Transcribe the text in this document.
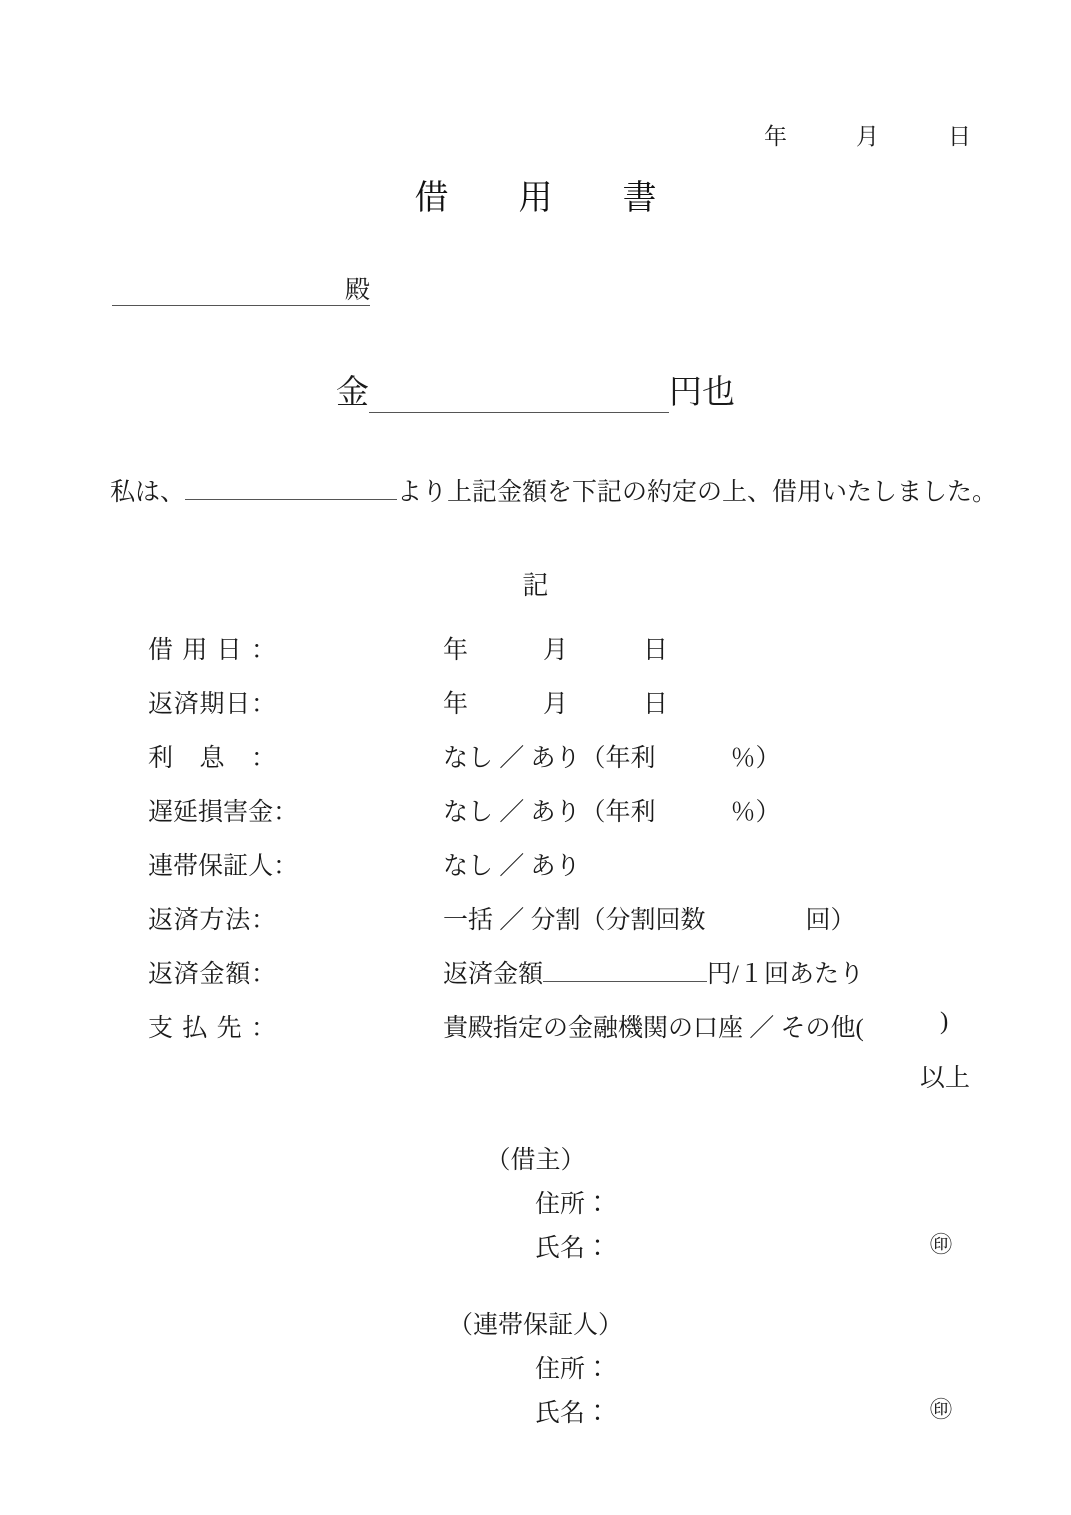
年　　　月　　　日
借　用　書
殿
金	円也
私は、	より上記金額を下記の約定の上、借用いたしました。
記
借 用 日 ：	年　　　月　　　日
返 済 期 日 ：	年　　　月　　　日
利 息 ：	なし ／ あり（年利　　　％）
遅 延 損 害 金 ：	なし ／ あり（年利　　　％）
連 帯 保 証 人 ：	なし ／ あり
返 済 方 法 ：	一括 ／ 分割（分割回数　　　　回）
返 済 金 額 ：	返済金額	円/１回あたり
支 払 先 ：	貴殿指定の金融機関の口座 ／ その他(	)
以上
（借主）
住所：
氏名：	㊞
（連帯保証人）
住所：
氏名：	㊞
